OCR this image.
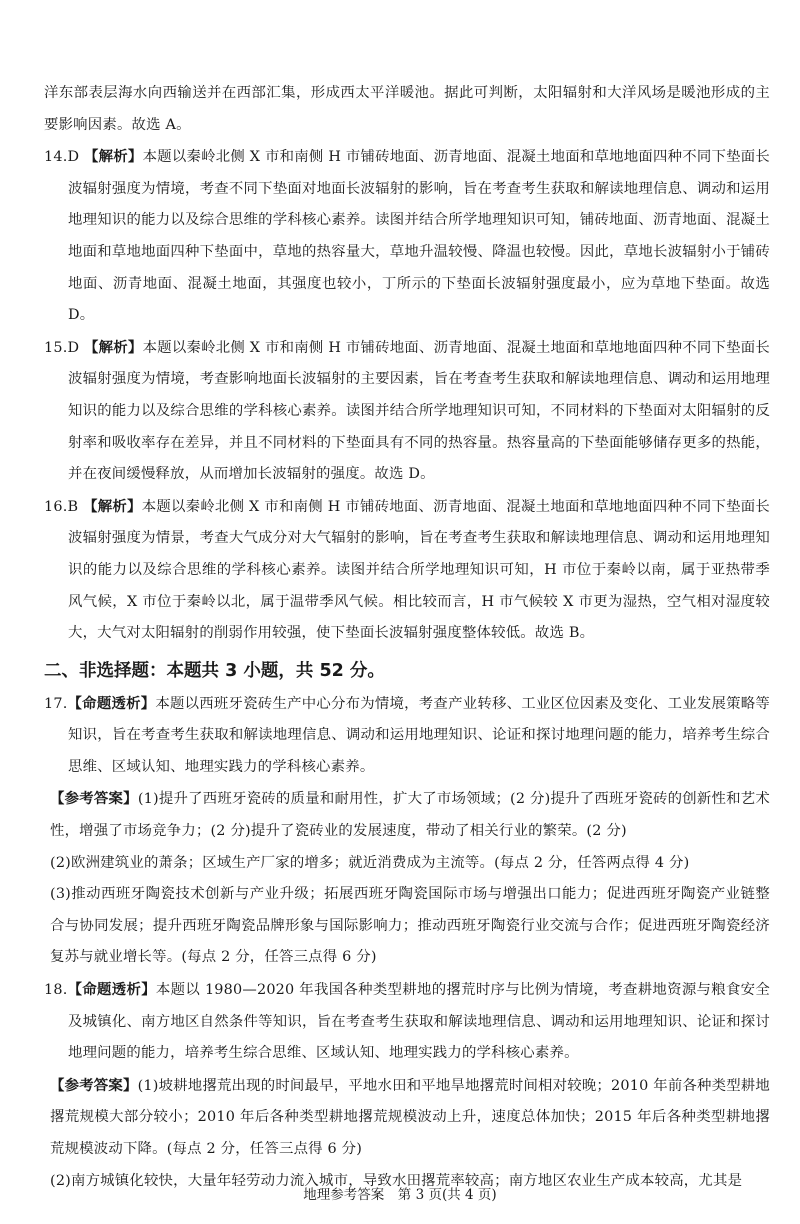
洋东部表层海水向西输送并在西部汇集，形成西太平洋暖池。据此可判断，太阳辐射和大洋风场是暖池形成的主要影响因素。故选 A。

14.D 【解析】本题以秦岭北侧 X 市和南侧 H 市铺砖地面、沥青地面、混凝土地面和草地地面四种不同下垫面长波辐射强度为情境，考查不同下垫面对地面长波辐射的影响，旨在考查考生获取和解读地理信息、调动和运用地理知识的能力以及综合思维的学科核心素养。读图并结合所学地理知识可知，铺砖地面、沥青地面、混凝土地面和草地地面四种下垫面中，草地的热容量大，草地升温较慢、降温也较慢。因此，草地长波辐射小于铺砖地面、沥青地面、混凝土地面，其强度也较小，丁所示的下垫面长波辐射强度最小，应为草地下垫面。故选 D。

15.D 【解析】本题以秦岭北侧 X 市和南侧 H 市铺砖地面、沥青地面、混凝土地面和草地地面四种不同下垫面长波辐射强度为情境，考查影响地面长波辐射的主要因素，旨在考查考生获取和解读地理信息、调动和运用地理知识的能力以及综合思维的学科核心素养。读图并结合所学地理知识可知，不同材料的下垫面对太阳辐射的反射率和吸收率存在差异，并且不同材料的下垫面具有不同的热容量。热容量高的下垫面能够储存更多的热能，并在夜间缓慢释放，从而增加长波辐射的强度。故选 D。

16.B 【解析】本题以秦岭北侧 X 市和南侧 H 市铺砖地面、沥青地面、混凝土地面和草地地面四种不同下垫面长波辐射强度为情景，考查大气成分对大气辐射的影响，旨在考查考生获取和解读地理信息、调动和运用地理知识的能力以及综合思维的学科核心素养。读图并结合所学地理知识可知，H 市位于秦岭以南，属于亚热带季风气候，X 市位于秦岭以北，属于温带季风气候。相比较而言，H 市气候较 X 市更为湿热，空气相对湿度较大，大气对太阳辐射的削弱作用较强，使下垫面长波辐射强度整体较低。故选 B。

二、非选择题：本题共 3 小题，共 52 分。

17.【命题透析】本题以西班牙瓷砖生产中心分布为情境，考查产业转移、工业区位因素及变化、工业发展策略等知识，旨在考查考生获取和解读地理信息、调动和运用地理知识、论证和探讨地理问题的能力，培养考生综合思维、区域认知、地理实践力的学科核心素养。

【参考答案】(1)提升了西班牙瓷砖的质量和耐用性，扩大了市场领域；(2 分)提升了西班牙瓷砖的创新性和艺术性，增强了市场竞争力；(2 分)提升了瓷砖业的发展速度，带动了相关行业的繁荣。(2 分)

(2)欧洲建筑业的萧条；区域生产厂家的增多；就近消费成为主流等。(每点 2 分，任答两点得 4 分)

(3)推动西班牙陶瓷技术创新与产业升级；拓展西班牙陶瓷国际市场与增强出口能力；促进西班牙陶瓷产业链整合与协同发展；提升西班牙陶瓷品牌形象与国际影响力；推动西班牙陶瓷行业交流与合作；促进西班牙陶瓷经济复苏与就业增长等。(每点 2 分，任答三点得 6 分)

18.【命题透析】本题以 1980—2020 年我国各种类型耕地的撂荒时序与比例为情境，考查耕地资源与粮食安全及城镇化、南方地区自然条件等知识，旨在考查考生获取和解读地理信息、调动和运用地理知识、论证和探讨地理问题的能力，培养考生综合思维、区域认知、地理实践力的学科核心素养。

【参考答案】(1)坡耕地撂荒出现的时间最早，平地水田和平地旱地撂荒时间相对较晚；2010 年前各种类型耕地撂荒规模大部分较小；2010 年后各种类型耕地撂荒规模波动上升，速度总体加快；2015 年后各种类型耕地撂荒规模波动下降。(每点 2 分，任答三点得 6 分)

(2)南方城镇化较快，大量年轻劳动力流入城市，导致水田撂荒率较高；南方地区农业生产成本较高，尤其是

地理参考答案　第 3 页(共 4 页)
